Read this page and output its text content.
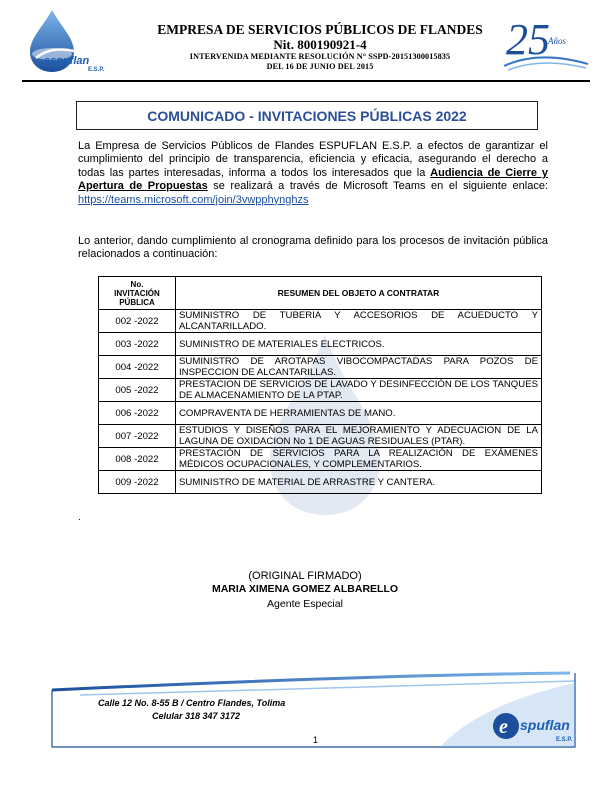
espuflan
E.S.P.
EMPRESA DE SERVICIOS PÚBLICOS DE FLANDES
Nit. 800190921-4
INTERVENIDA MEDIANTE RESOLUCIÓN N° SSPD-20151300015835
DEL 16 DE JUNIO DEL 2015
25
Años
COMUNICADO - INVITACIONES PÚBLICAS 2022
La Empresa de Servicios Públicos de Flandes ESPUFLAN E.S.P. a efectos de garantizar el cumplimiento del principio de transparencia, eficiencia y eficacia, asegurando el derecho a todas las partes interesadas, informa a todos los interesados que la Audiencia de Cierre y Apertura de Propuestas se realizará a través de Microsoft Teams en el siguiente enlace: https://teams.microsoft.com/join/3vwpphynghzs
Lo anterior, dando cumplimiento al cronograma definido para los procesos de invitación pública relacionados a continuación:
No.
INVITACIÓN
PÚBLICA	RESUMEN DEL OBJETO A CONTRATAR
002 -2022	SUMINISTRO DE TUBERIA Y ACCESORIOS DE ACUEDUCTO Y ALCANTARILLADO.
003 -2022	SUMINISTRO DE MATERIALES ELECTRICOS.
004 -2022	SUMINISTRO DE AROTAPAS VIBOCOMPACTADAS PARA POZOS DE INSPECCION DE ALCANTARILLAS.
005 -2022	PRESTACION DE SERVICIOS DE LAVADO Y DESINFECCIÓN DE LOS TANQUES DE ALMACENAMIENTO DE LA PTAP.
006 -2022	COMPRAVENTA DE HERRAMIENTAS DE MANO.
007 -2022	ESTUDIOS Y DISEÑOS PARA EL MEJORAMIENTO Y ADECUACION DE LA LAGUNA DE OXIDACION No 1 DE AGUAS RESIDUALES (PTAR).
008 -2022	PRESTACIÓN DE SERVICIOS PARA LA REALIZACIÓN DE EXÁMENES MÉDICOS OCUPACIONALES, Y COMPLEMENTARIOS.
009 -2022	SUMINISTRO DE MATERIAL DE ARRASTRE Y CANTERA.
.
(ORIGINAL FIRMADO)
MARIA XIMENA GOMEZ ALBARELLO
Agente Especial
Calle 12 No. 8-55 B / Centro Flandes, Tolima
Celular 318 347 3172
1
e spuflan
E.S.P.
